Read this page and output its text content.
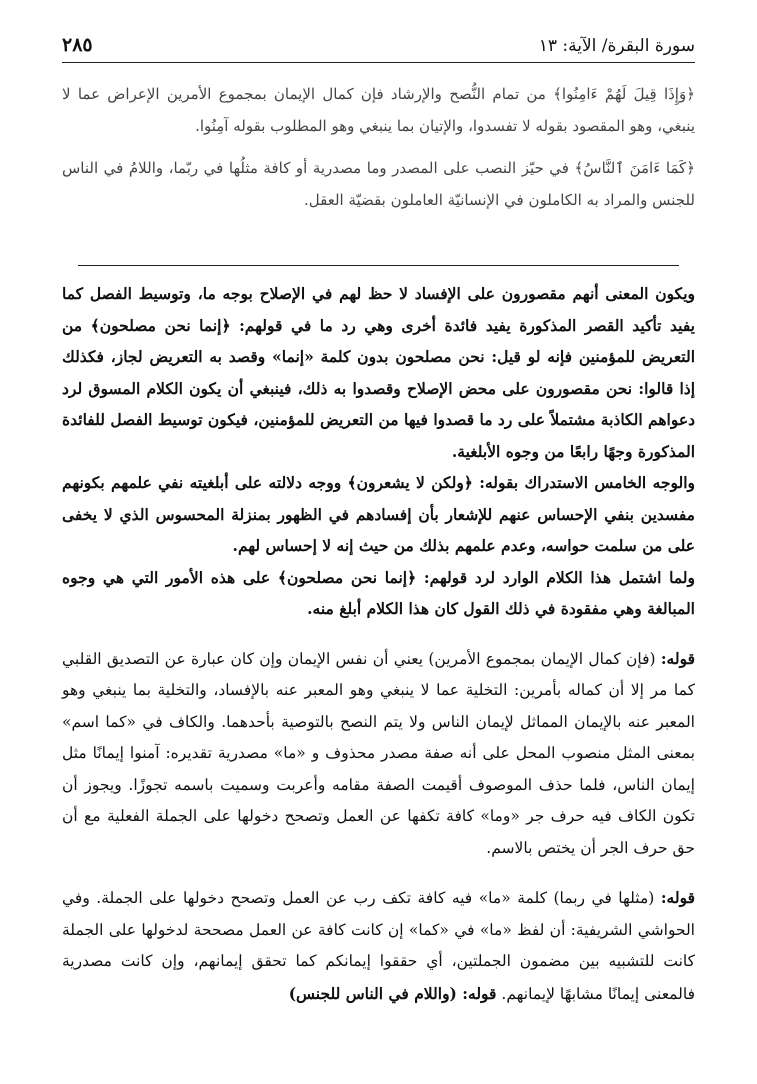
سورة البقرة/ الآية: ١٣
٢٨٥

﴿وَإِذَا قِيلَ لَهُمْ ءَامِنُوا﴾ من تمام النُّصح والإرشاد فإن كمال الإيمان بمجموع الأمرين الإعراض عما لا ينبغي، وهو المقصود بقوله لا تفسدوا، والإتيان بما ينبغي وهو المطلوب بقوله آمِنُوا.

﴿كَمَا ءَامَنَ ٱلنَّاسُ﴾ في حيّز النصب على المصدر وما مصدرية أو كافة مثلُها في ربّما، واللامُ في الناس للجنس والمراد به الكاملون في الإنسانيّة العاملون بقضيّة العقل.

ويكون المعنى أنهم مقصورون على الإفساد لا حظ لهم في الإصلاح بوجه ما، وتوسيط الفصل كما يفيد تأكيد القصر المذكورة يفيد فائدة أخرى وهي رد ما في قولهم: ﴿إنما نحن مصلحون﴾ من التعريض للمؤمنين فإنه لو قيل: نحن مصلحون بدون كلمة «إنما» وقصد به التعريض لجاز، فكذلك إذا قالوا: نحن مقصورون على محض الإصلاح وقصدوا به ذلك، فينبغي أن يكون الكلام المسوق لرد دعواهم الكاذبة مشتملاً على رد ما قصدوا فيها من التعريض للمؤمنين، فيكون توسيط الفصل للفائدة المذكورة وجهًا رابعًا من وجوه الأبلغية.

والوجه الخامس الاستدراك بقوله: ﴿ولكن لا يشعرون﴾ ووجه دلالته على أبلغيته نفي علمهم بكونهم مفسدين بنفي الإحساس عنهم للإشعار بأن إفسادهم في الظهور بمنزلة المحسوس الذي لا يخفى على من سلمت حواسه، وعدم علمهم بذلك من حيث إنه لا إحساس لهم.

ولما اشتمل هذا الكلام الوارد لرد قولهم: ﴿إنما نحن مصلحون﴾ على هذه الأمور التي هي وجوه المبالغة وهي مفقودة في ذلك القول كان هذا الكلام أبلغ منه.

قوله: (فإن كمال الإيمان بمجموع الأمرين) يعني أن نفس الإيمان وإن كان عبارة عن التصديق القلبي كما مر إلا أن كماله بأمرين: التخلية عما لا ينبغي وهو المعبر عنه بالإفساد، والتخلية بما ينبغي وهو المعبر عنه بالإيمان المماثل لإيمان الناس ولا يتم النصح بالتوصية بأحدهما. والكاف في «كما اسم» بمعنى المثل منصوب المحل على أنه صفة مصدر محذوف و «ما» مصدرية تقديره: آمنوا إيمانًا مثل إيمان الناس، فلما حذف الموصوف أقيمت الصفة مقامه وأعربت وسميت باسمه تجوزًا. ويجوز أن تكون الكاف فيه حرف جر «وما» كافة تكفها عن العمل وتصحح دخولها على الجملة الفعلية مع أن حق حرف الجر أن يختص بالاسم.

قوله: (مثلها في ربما) كلمة «ما» فيه كافة تكف رب عن العمل وتصحح دخولها على الجملة. وفي الحواشي الشريفية: أن لفظ «ما» في «كما» إن كانت كافة عن العمل مصححة لدخولها على الجملة كانت للتشبيه بين مضمون الجملتين، أي حققوا إيمانكم كما تحقق إيمانهم، وإن كانت مصدرية فالمعنى إيمانًا مشابهًا لإيمانهم. قوله: (واللام في الناس للجنس)
